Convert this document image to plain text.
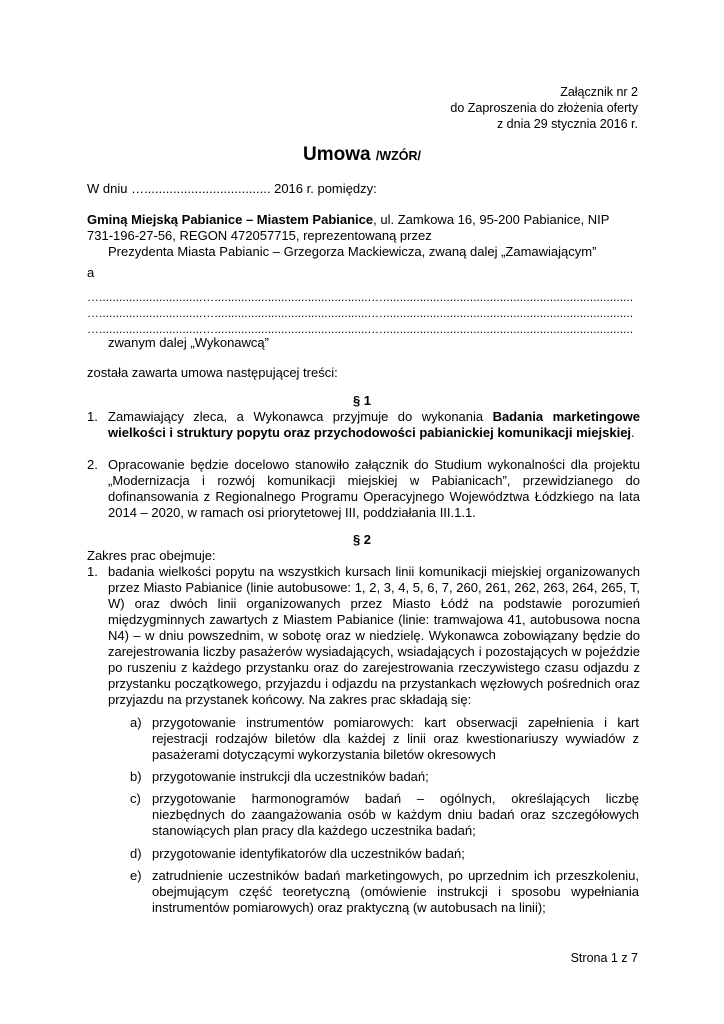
Załącznik nr 2
do Zaproszenia do złożenia oferty
z dnia 29 stycznia 2016 r.
Umowa /WZÓR/
W dniu …................................... 2016 r. pomiędzy:
Gminą Miejską Pabianice – Miastem Pabianice, ul. Zamkowa 16, 95-200 Pabianice, NIP
731-196-27-56, REGON 472057715, reprezentowaną przez
Prezydenta Miasta Pabianic – Grzegorza Mackiewicza, zwaną dalej „Zamawiającym”
a
…...............................…...............................................…...........................................................................
…...............................…...............................................…...........................................................................
…...............................…...............................................…...........................................................................
zwanym dalej „Wykonawcą”
została zawarta umowa następującej treści:
§ 1
1. Zamawiający zleca, a Wykonawca przyjmuje do wykonania Badania marketingowe wielkości i struktury popytu oraz przychodowości pabianickiej komunikacji miejskiej.
2. Opracowanie będzie docelowo stanowiło załącznik do Studium wykonalności dla projektu „Modernizacja i rozwój komunikacji miejskiej w Pabianicach”, przewidzianego do dofinansowania z Regionalnego Programu Operacyjnego Województwa Łódzkiego na lata 2014 – 2020, w ramach osi priorytetowej III, poddziałania III.1.1.
§ 2
Zakres prac obejmuje:
1. badania wielkości popytu na wszystkich kursach linii komunikacji miejskiej organizowanych przez Miasto Pabianice (linie autobusowe: 1, 2, 3, 4, 5, 6, 7, 260, 261, 262, 263, 264, 265, T, W) oraz dwóch linii organizowanych przez Miasto Łódź na podstawie porozumień międzygminnych zawartych z Miastem Pabianice (linie: tramwajowa 41, autobusowa nocna N4) – w dniu powszednim, w sobotę oraz w niedzielę. Wykonawca zobowiązany będzie do zarejestrowania liczby pasażerów wysiadających, wsiadających i pozostających w pojeździe po ruszeniu z każdego przystanku oraz do zarejestrowania rzeczywistego czasu odjazdu z przystanku początkowego, przyjazdu i odjazdu na przystankach węzłowych pośrednich oraz przyjazdu na przystanek końcowy. Na zakres prac składają się:
a) przygotowanie instrumentów pomiarowych: kart obserwacji zapełnienia i kart rejestracji rodzajów biletów dla każdej z linii oraz kwestionariuszy wywiadów z pasażerami dotyczącymi wykorzystania biletów okresowych
b) przygotowanie instrukcji dla uczestników badań;
c) przygotowanie harmonogramów badań – ogólnych, określających liczbę niezbędnych do zaangażowania osób w każdym dniu badań oraz szczegółowych stanowiących plan pracy dla każdego uczestnika badań;
d) przygotowanie identyfikatorów dla uczestników badań;
e) zatrudnienie uczestników badań marketingowych, po uprzednim ich przeszkoleniu, obejmującym część teoretyczną (omówienie instrukcji i sposobu wypełniania instrumentów pomiarowych) oraz praktyczną (w autobusach na linii);
Strona 1 z 7
